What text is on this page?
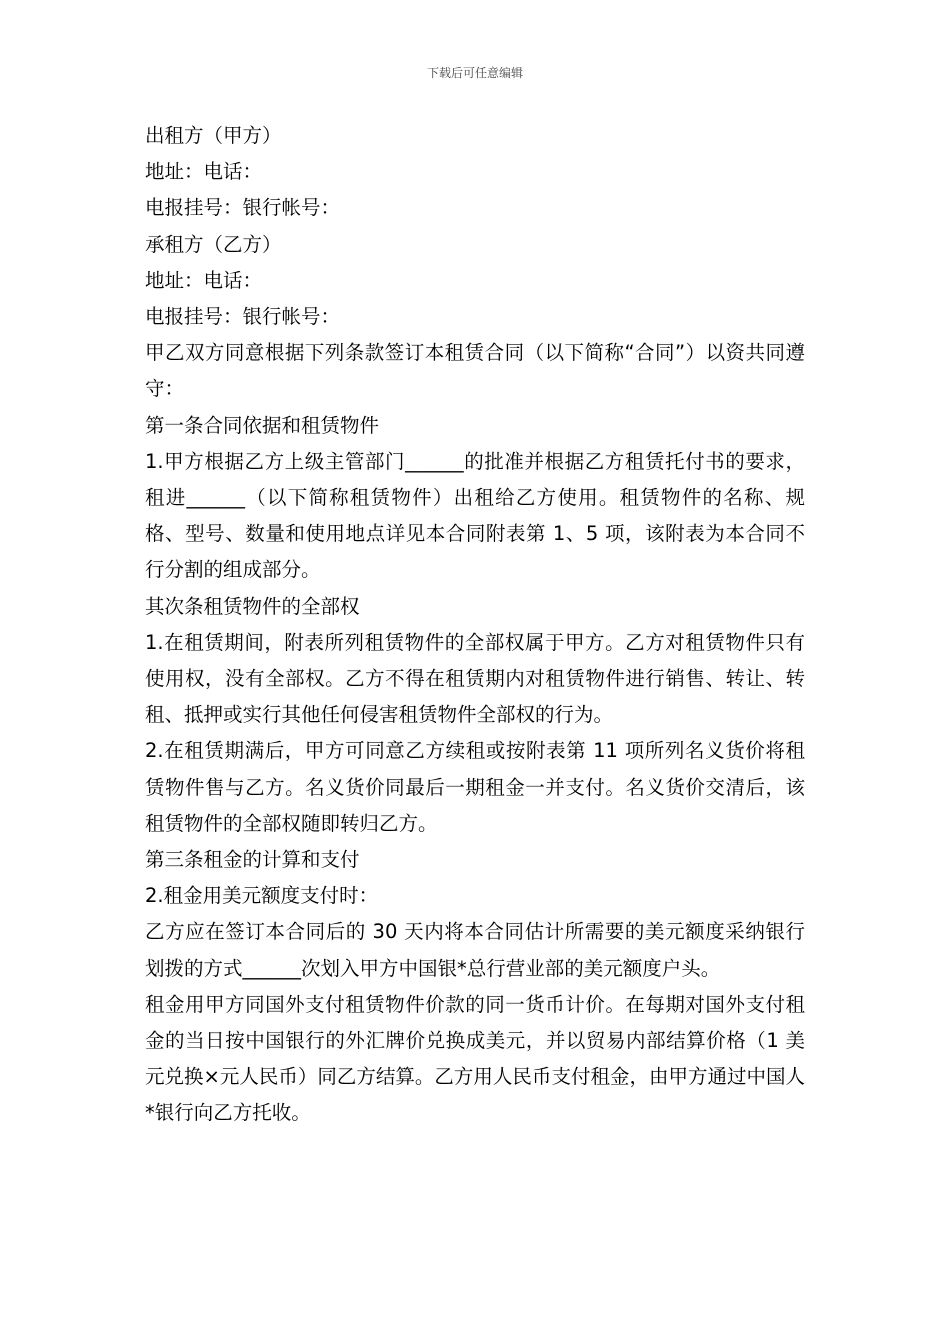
下载后可任意编辑

出租方（甲方）

地址：电话：

电报挂号：银行帐号：

承租方（乙方）

地址：电话：

电报挂号：银行帐号：

甲乙双方同意根据下列条款签订本租赁合同（以下简称“合同”）以资共同遵守：

第一条合同依据和租赁物件

1.甲方根据乙方上级主管部门______的批准并根据乙方租赁托付书的要求，租进______（以下简称租赁物件）出租给乙方使用。租赁物件的名称、规格、型号、数量和使用地点详见本合同附表第 1、5 项，该附表为本合同不行分割的组成部分。

其次条租赁物件的全部权

1.在租赁期间，附表所列租赁物件的全部权属于甲方。乙方对租赁物件只有使用权，没有全部权。乙方不得在租赁期内对租赁物件进行销售、转让、转租、抵押或实行其他任何侵害租赁物件全部权的行为。

2.在租赁期满后，甲方可同意乙方续租或按附表第 11 项所列名义货价将租赁物件售与乙方。名义货价同最后一期租金一并支付。名义货价交清后，该租赁物件的全部权随即转归乙方。

第三条租金的计算和支付

2.租金用美元额度支付时：

乙方应在签订本合同后的 30 天内将本合同估计所需要的美元额度采纳银行划拨的方式______次划入甲方中国银*总行营业部的美元额度户头。

租金用甲方同国外支付租赁物件价款的同一货币计价。在每期对国外支付租金的当日按中国银行的外汇牌价兑换成美元，并以贸易内部结算价格（1 美元兑换×元人民币）同乙方结算。乙方用人民币支付租金，由甲方通过中国人*银行向乙方托收。
